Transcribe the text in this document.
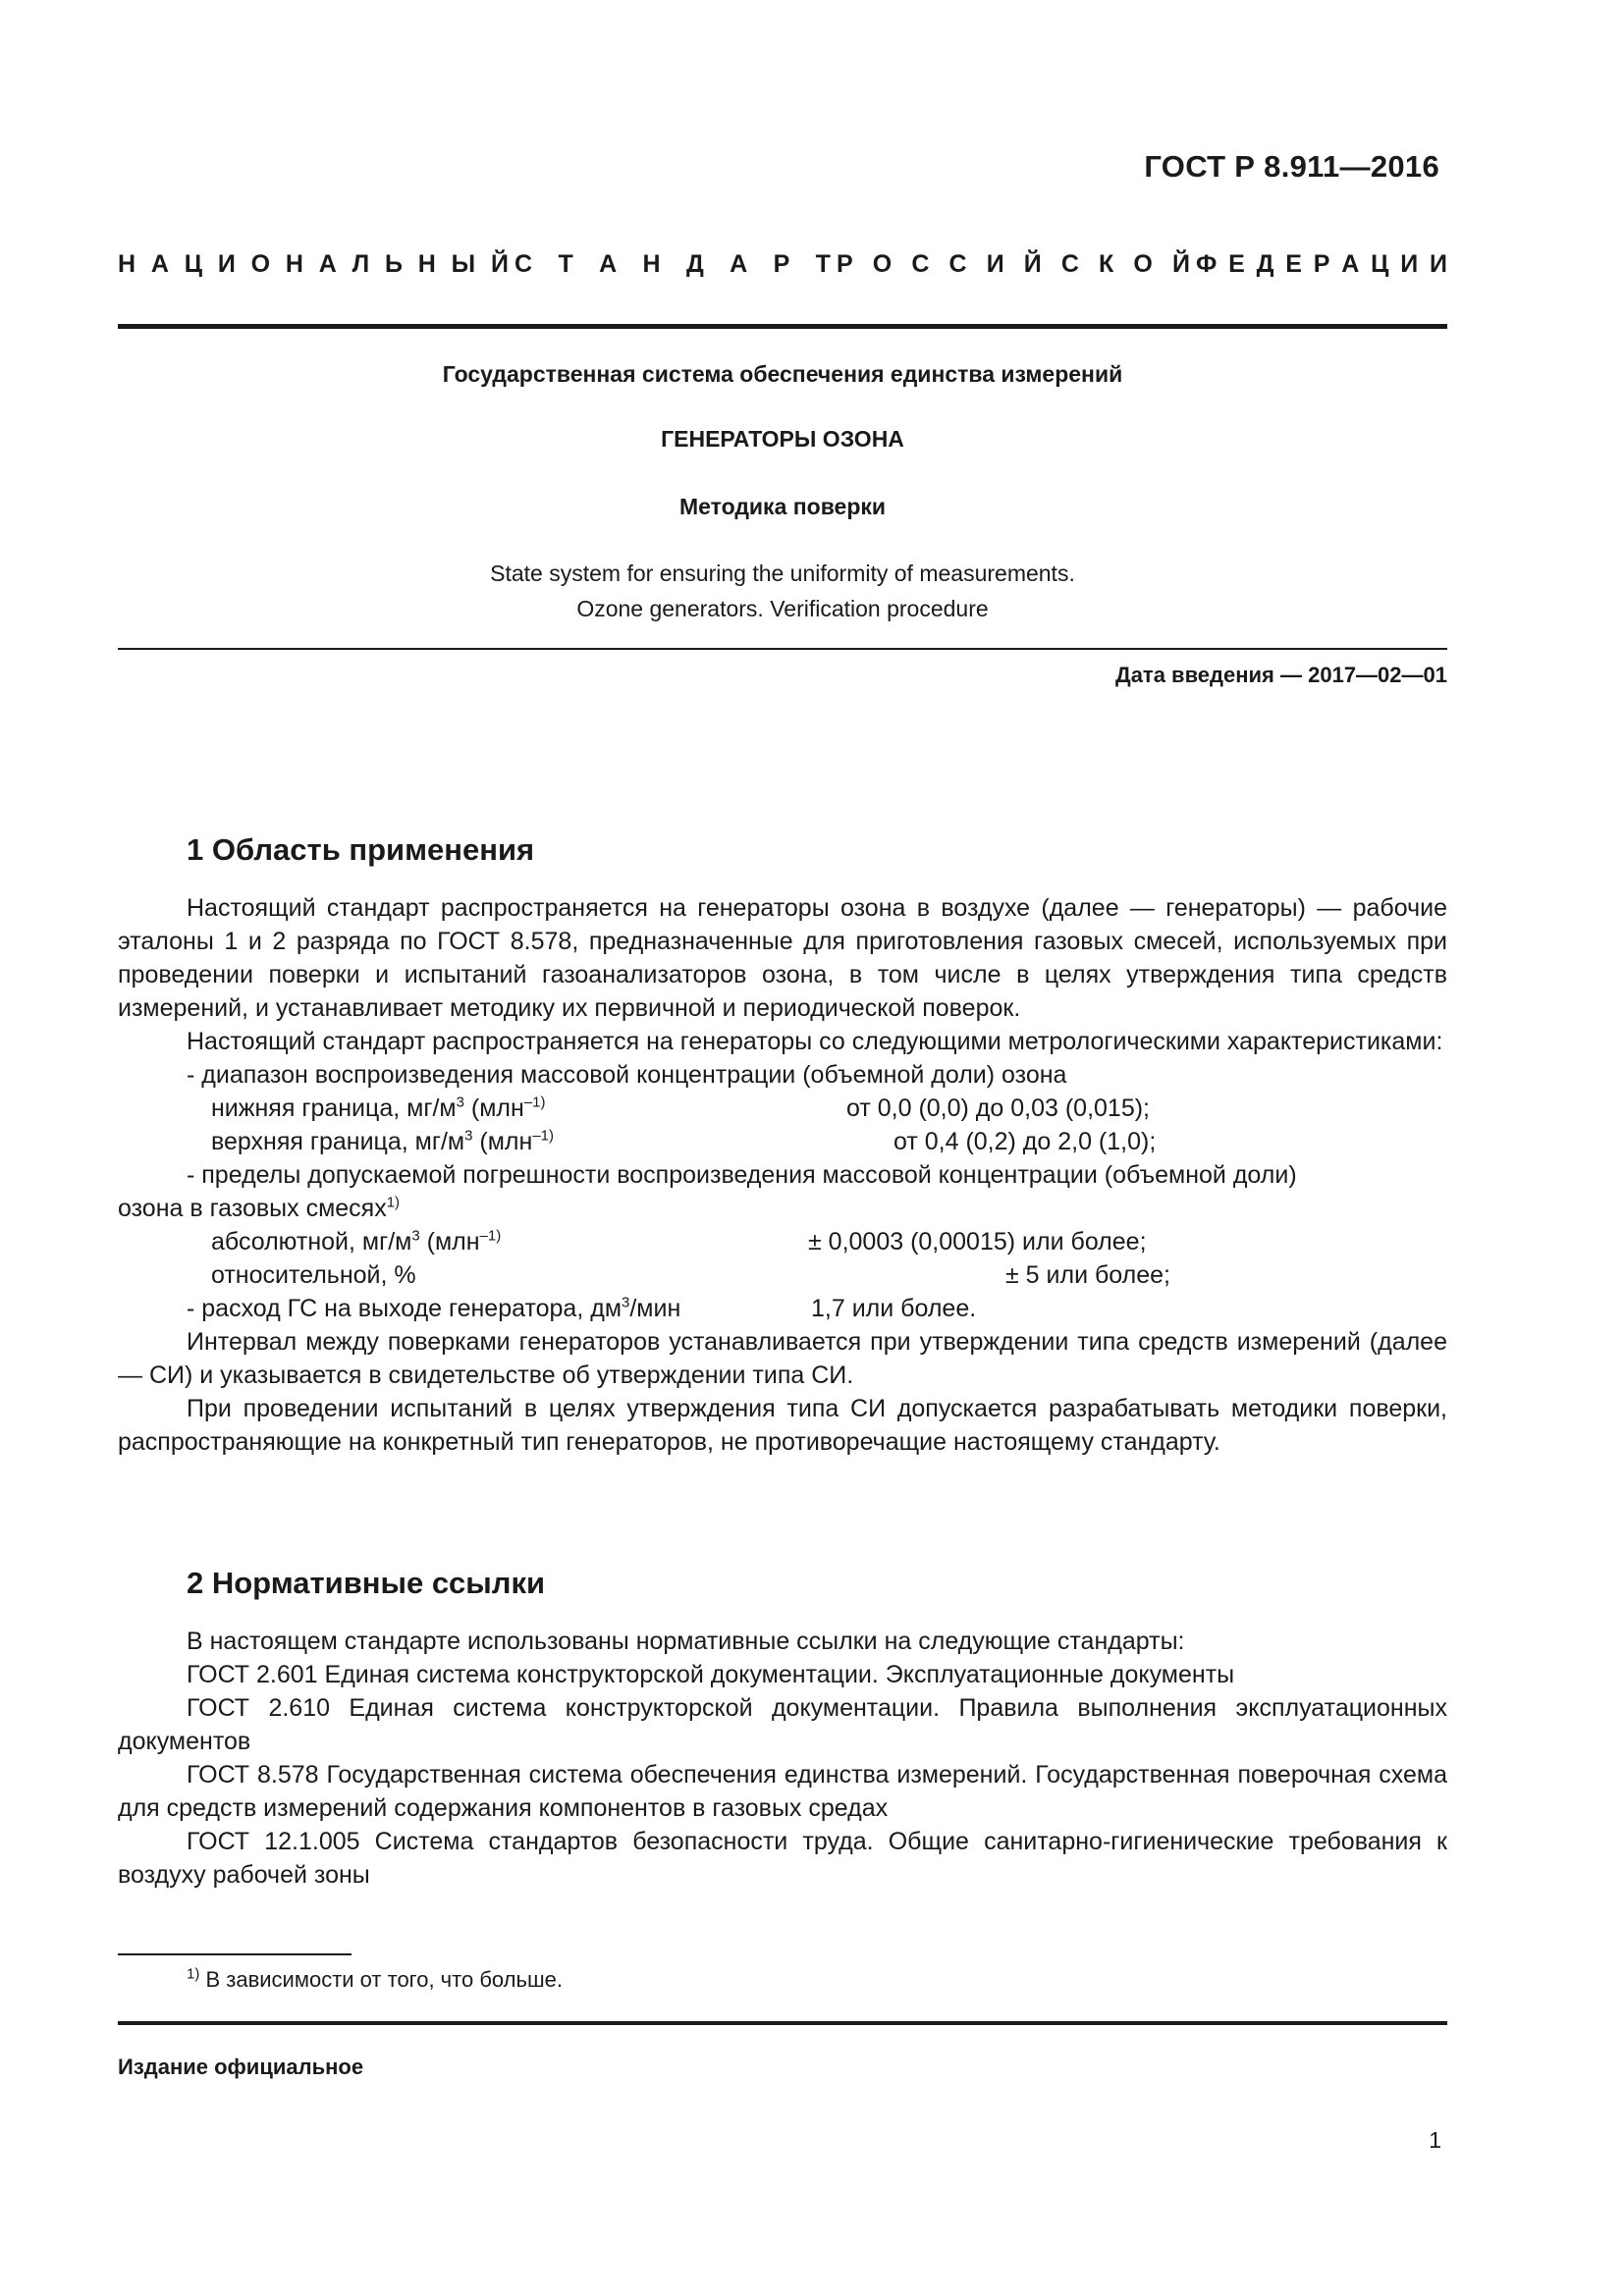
ГОСТ Р 8.911—2016
Н А Ц И О Н А Л Ь Н Ы Й С Т А Н Д А Р Т Р О С С И Й С К О Й Ф Е Д Е Р А Ц И И
Государственная система обеспечения единства измерений
ГЕНЕРАТОРЫ ОЗОНА
Методика поверки
State system for ensuring the uniformity of measurements.
Ozone generators. Verification procedure
Дата введения — 2017—02—01
1 Область применения

Настоящий стандарт распространяется на генераторы озона в воздухе (далее — генераторы) — рабочие эталоны 1 и 2 разряда по ГОСТ 8.578, предназначенные для приготовления газовых смесей, используемых при проведении поверки и испытаний газоанализаторов озона, в том числе в целях утверждения типа средств измерений, и устанавливает методику их первичной и периодической поверок.

Настоящий стандарт распространяется на генераторы со следующими метрологическими характеристиками:

- диапазон воспроизведения массовой концентрации (объемной доли) озона
нижняя граница, $мг/м^3$ (млн$^{-1)}$	от 0,0 (0,0) до 0,03 (0,015);
верхняя граница, $мг/м^3$ (млн$^{-1)}$	от 0,4 (0,2) до 2,0 (1,0);
- пределы допускаемой погрешности воспроизведения массовой концентрации (объемной доли)
озона в газовых смесях$^{1)}$
абсолютной, $мг/м^3$ (млн$^{-1)}$	± 0,0003 (0,00015) или более;
относительной, %	± 5 или более;
- расход ГС на выходе генератора, $дм^3$/мин	1,7 или более.

Интервал между поверками генераторов устанавливается при утверждении типа средств измерений (далее — СИ) и указывается в свидетельстве об утверждении типа СИ.

При проведении испытаний в целях утверждения типа СИ допускается разрабатывать методики поверки, распространяющие на конкретный тип генераторов, не противоречащие настоящему стандарту.

2 Нормативные ссылки

В настоящем стандарте использованы нормативные ссылки на следующие стандарты:

ГОСТ 2.601 Единая система конструкторской документации. Эксплуатационные документы

ГОСТ 2.610 Единая система конструкторской документации. Правила выполнения эксплуатационных документов

ГОСТ 8.578 Государственная система обеспечения единства измерений. Государственная поверочная схема для средств измерений содержания компонентов в газовых средах

ГОСТ 12.1.005 Система стандартов безопасности труда. Общие санитарно-гигиенические требования к воздуху рабочей зоны

$^{1)}$ В зависимости от того, что больше.
Издание официальное
1
